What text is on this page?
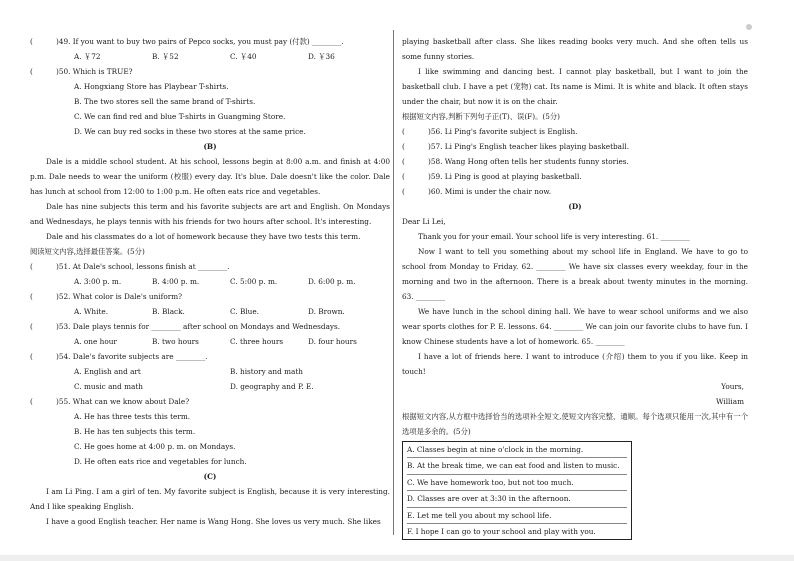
(	)49. If you want to buy two pairs of Pepco socks, you must pay (付款) ________.
A. ￥72	B. ￥52	C. ￥40	D. ￥36
(	)50. Which is TRUE?
A. Hongxiang Store has Playbear T-shirts.
B. The two stores sell the same brand of T-shirts.
C. We can find red and blue T-shirts in Guangming Store.
D. We can buy red socks in these two stores at the same price.
(B)
Dale is a middle school student. At his school, lessons begin at 8:00 a.m. and finish at 4:00 p.m. Dale needs to wear the uniform (校服) every day. It's blue. Dale doesn't like the color. Dale has lunch at school from 12:00 to 1:00 p.m. He often eats rice and vegetables.
Dale has nine subjects this term and his favorite subjects are art and English. On Mondays and Wednesdays, he plays tennis with his friends for two hours after school. It's interesting.
Dale and his classmates do a lot of homework because they have two tests this term.
阅读短文内容,选择最佳答案。(5分)
(	)51. At Dale's school, lessons finish at ________.
A. 3:00 p. m.	B. 4:00 p. m.	C. 5:00 p. m.	D. 6:00 p. m.
(	)52. What color is Dale's uniform?
A. White.	B. Black.	C. Blue.	D. Brown.
(	)53. Dale plays tennis for ________ after school on Mondays and Wednesdays.
A. one hour	B. two hours	C. three hours	D. four hours
(	)54. Dale's favorite subjects are ________.
A. English and art	B. history and math
C. music and math	D. geography and P. E.
(	)55. What can we know about Dale?
A. He has three tests this term.
B. He has ten subjects this term.
C. He goes home at 4:00 p. m. on Mondays.
D. He often eats rice and vegetables for lunch.
(C)
I am Li Ping. I am a girl of ten. My favorite subject is English, because it is very interesting. And I like speaking English.
I have a good English teacher. Her name is Wang Hong. She loves us very much. She likes
playing basketball after class. She likes reading books very much. And she often tells us some funny stories.
I like swimming and dancing best. I cannot play basketball, but I want to join the basketball club. I have a pet (宠物) cat. Its name is Mimi. It is white and black. It often stays under the chair, but now it is on the chair.
根据短文内容,判断下列句子正(T)、误(F)。(5分)
(	)56. Li Ping's favorite subject is English.
(	)57. Li Ping's English teacher likes playing basketball.
(	)58. Wang Hong often tells her students funny stories.
(	)59. Li Ping is good at playing basketball.
(	)60. Mimi is under the chair now.
(D)
Dear Li Lei,
Thank you for your email. Your school life is very interesting. 61. ________
Now I want to tell you something about my school life in England. We have to go to school from Monday to Friday. 62. ________ We have six classes every weekday, four in the morning and two in the afternoon. There is a break about twenty minutes in the morning. 63. ________
We have lunch in the school dining hall. We have to wear school uniforms and we also wear sports clothes for P. E. lessons. 64. ________ We can join our favorite clubs to have fun. I know Chinese students have a lot of homework. 65. ________
I have a lot of friends here. I want to introduce (介绍) them to you if you like. Keep in touch!
Yours,
William
根据短文内容,从方框中选择恰当的选项补全短文,使短文内容完整、通顺。每个选项只能用一次,其中有一个选项是多余的。(5分)
A. Classes begin at nine o'clock in the morning.
B. At the break time, we can eat food and listen to music.
C. We have homework too, but not too much.
D. Classes are over at 3:30 in the afternoon.
E. Let me tell you about my school life.
F. I hope I can go to your school and play with you.
